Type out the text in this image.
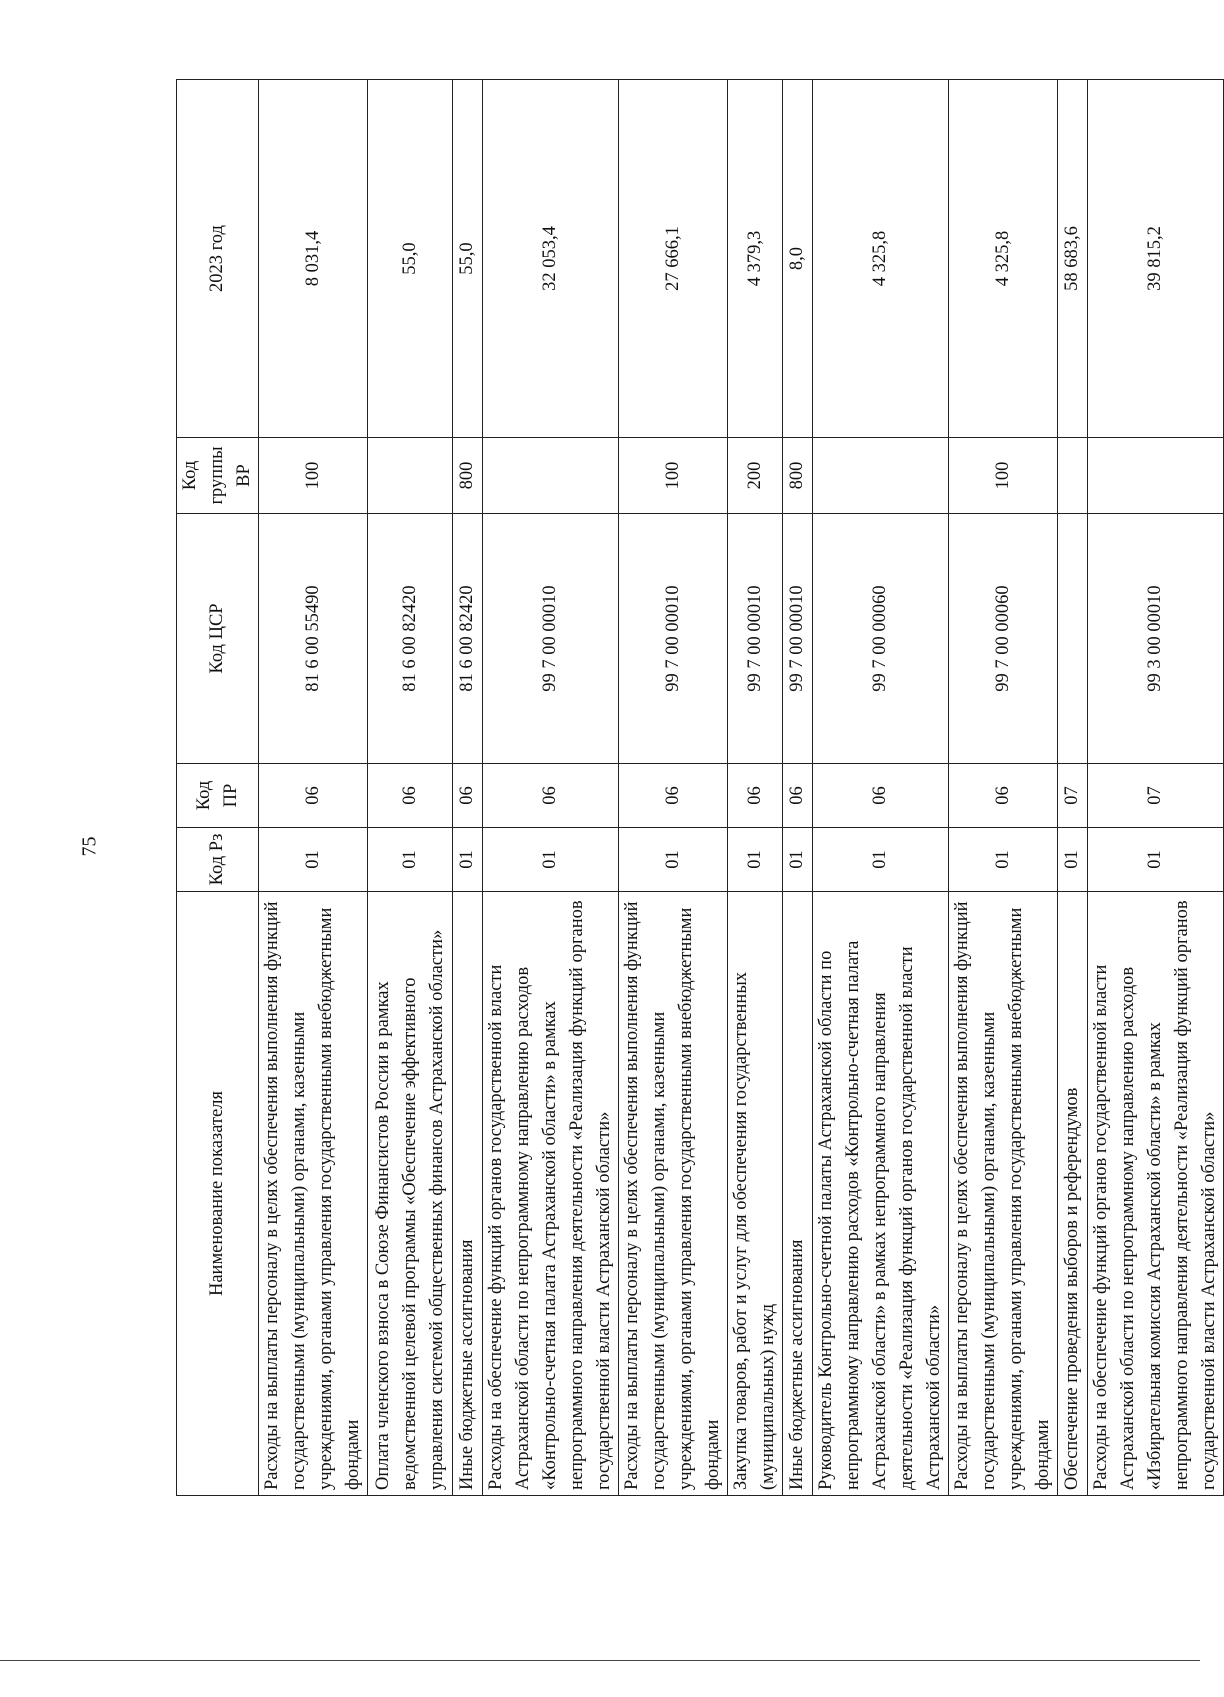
75
Наименование показателя	Код Рз	Код ПР	Код ЦСР	Код группы ВР	2023 год
Расходы на выплаты персоналу в целях обеспечения выполнения функций государственными (муниципальными) органами, казенными учреждениями, органами управления государственными внебюджетными фондами	01	06	81 6 00 55490	100	8 031,4
Оплата членского взноса в Союзе Финансистов России в рамках ведомственной целевой программы «Обеспечение эффективного управления системой общественных финансов Астраханской области»	01	06	81 6 00 82420		55,0
Иные бюджетные ассигнования	01	06	81 6 00 82420	800	55,0
Расходы на обеспечение функций органов государственной власти Астраханской области по непрограммному направлению расходов «Контрольно-счетная палата Астраханской области» в рамках непрограммного направления деятельности «Реализация функций органов государственной власти Астраханской области»	01	06	99 7 00 00010		32 053,4
Расходы на выплаты персоналу в целях обеспечения выполнения функций государственными (муниципальными) органами, казенными учреждениями, органами управления государственными внебюджетными фондами	01	06	99 7 00 00010	100	27 666,1
Закупка товаров, работ и услуг для обеспечения государственных (муниципальных) нужд	01	06	99 7 00 00010	200	4 379,3
Иные бюджетные ассигнования	01	06	99 7 00 00010	800	8,0
Руководитель Контрольно-счетной палаты Астраханской области по непрограммному направлению расходов «Контрольно-счетная палата Астраханской области» в рамках непрограммного направления деятельности «Реализация функций органов государственной власти Астраханской области»	01	06	99 7 00 00060		4 325,8
Расходы на выплаты персоналу в целях обеспечения выполнения функций государственными (муниципальными) органами, казенными учреждениями, органами управления государственными внебюджетными фондами	01	06	99 7 00 00060	100	4 325,8
Обеспечение проведения выборов и референдумов	01	07			58 683,6
Расходы на обеспечение функций органов государственной власти Астраханской области по непрограммному направлению расходов «Избирательная комиссия Астраханской области» в рамках непрограммного направления деятельности «Реализация функций органов государственной власти Астраханской области»	01	07	99 3 00 00010		39 815,2
